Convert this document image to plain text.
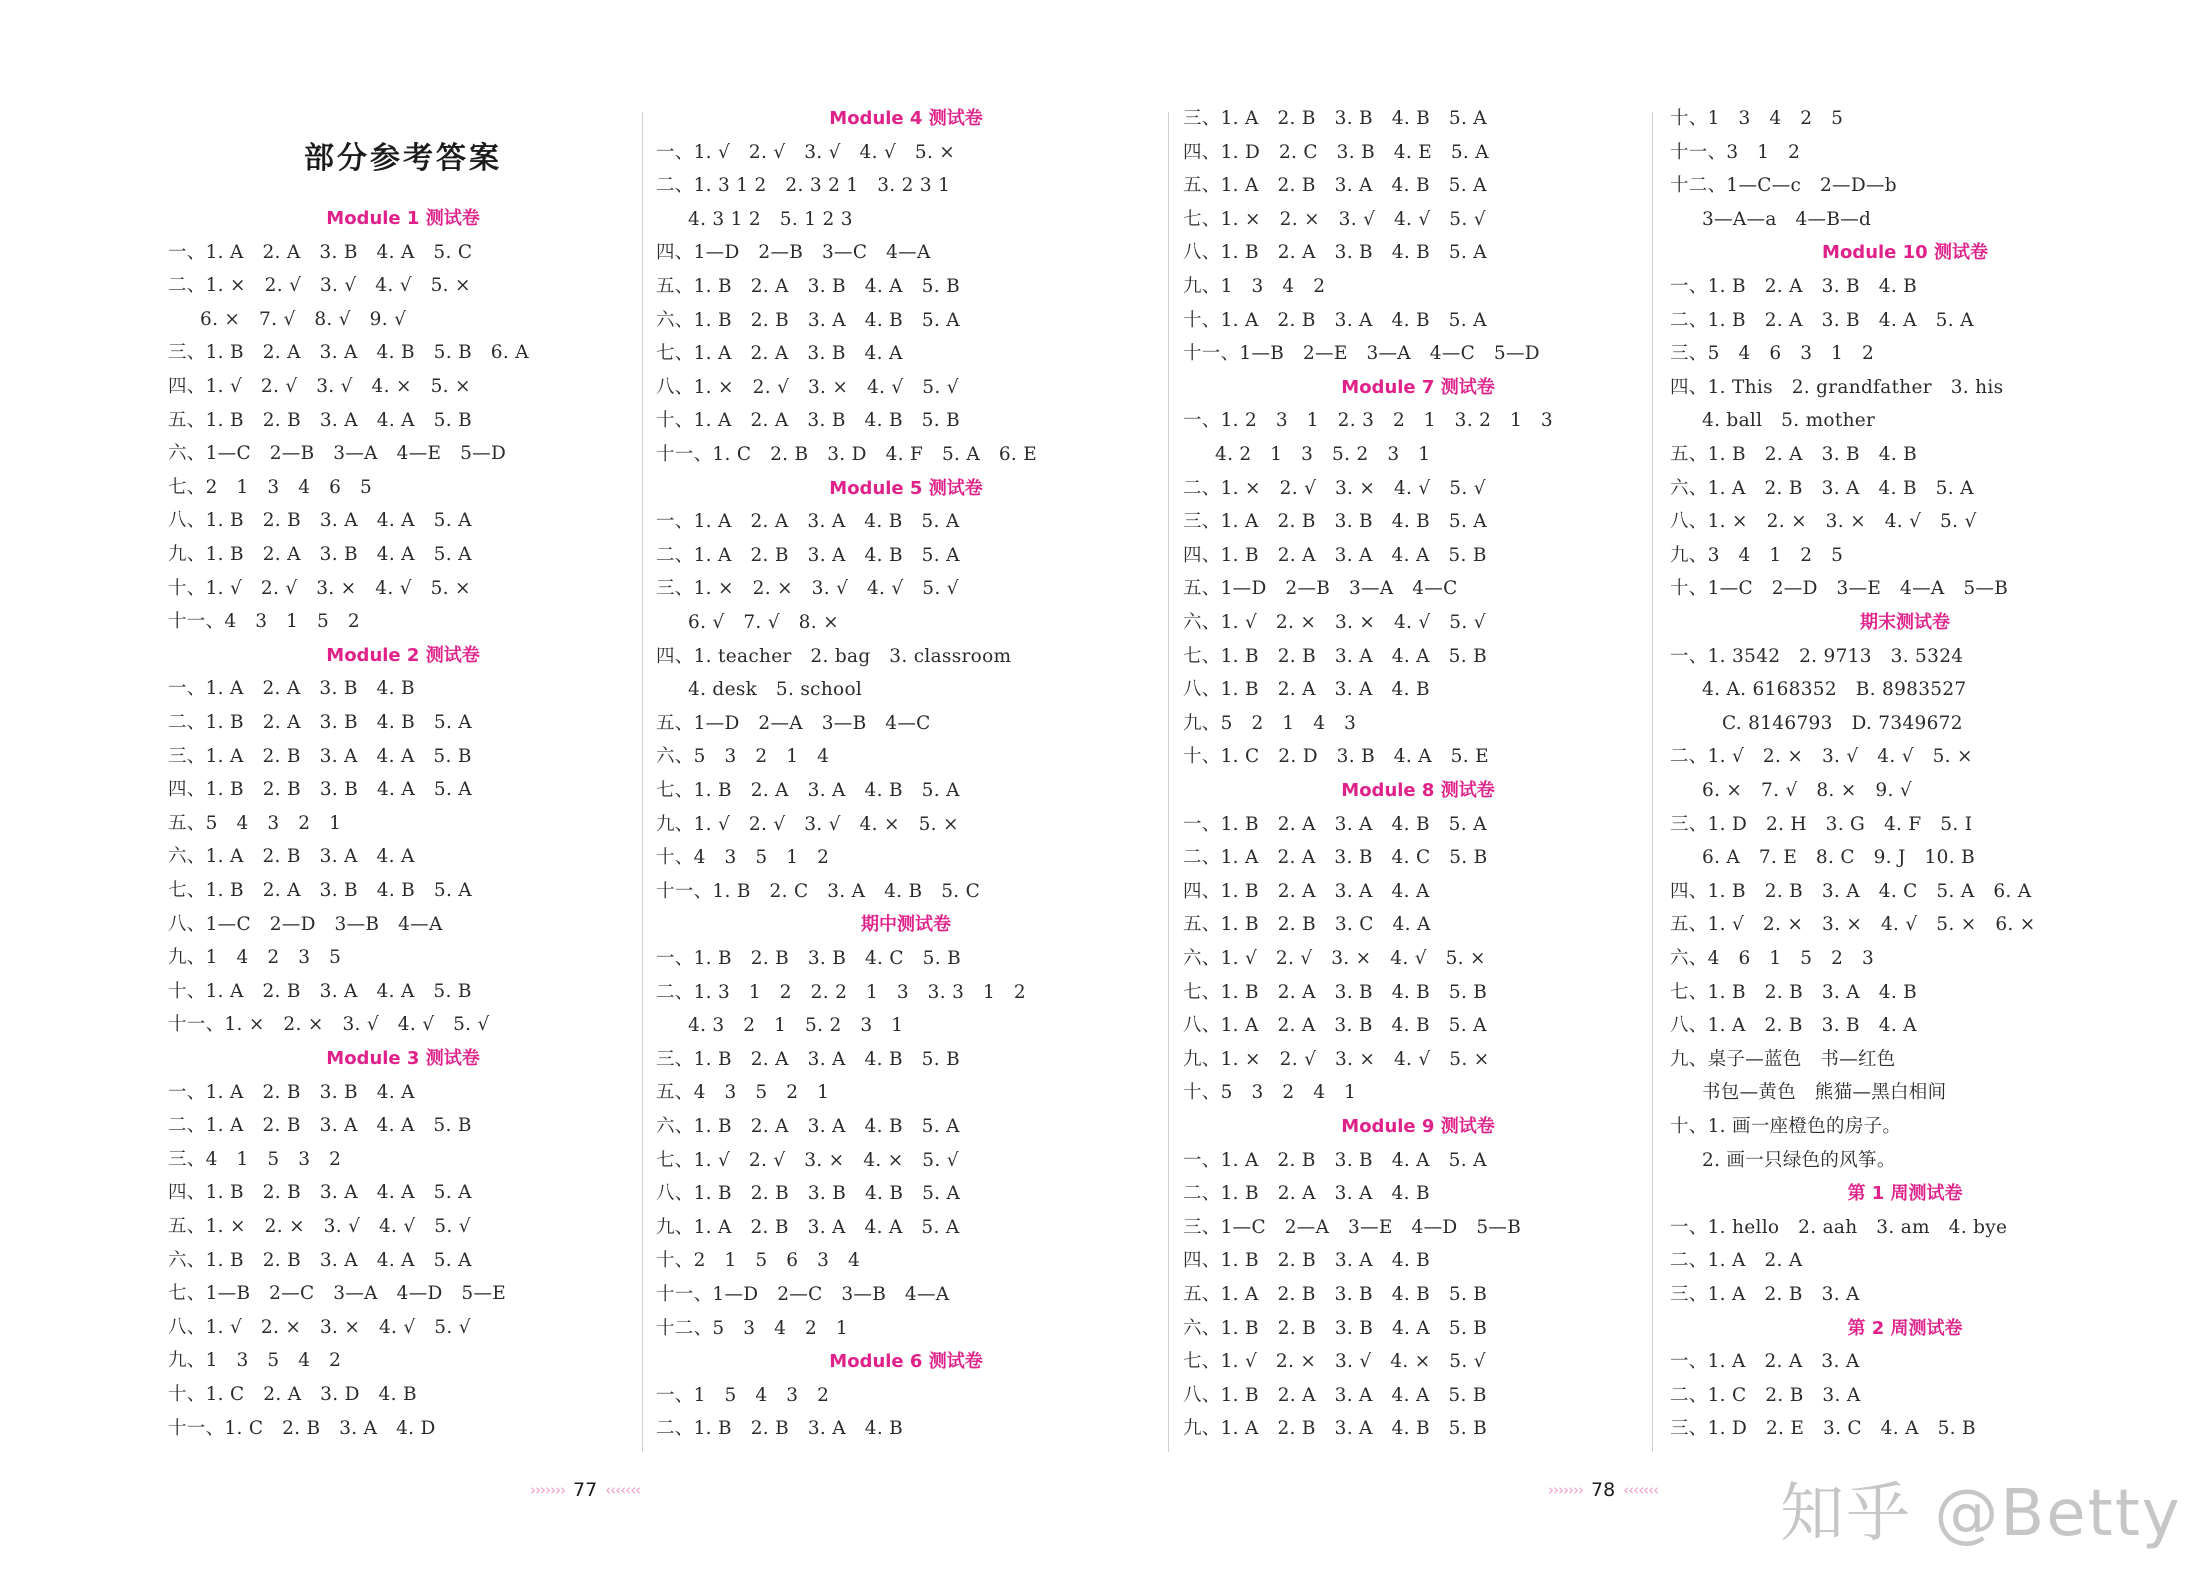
部分参考答案
Module 1 测试卷
一、1. A　2. A　3. B　4. A　5. C
二、1. ×　2. √　3. √　4. √　5. ×
6. ×　7. √　8. √　9. √
三、1. B　2. A　3. A　4. B　5. B　6. A
四、1. √　2. √　3. √　4. ×　5. ×
五、1. B　2. B　3. A　4. A　5. B
六、1—C　2—B　3—A　4—E　5—D
七、2　1　3　4　6　5
八、1. B　2. B　3. A　4. A　5. A
九、1. B　2. A　3. B　4. A　5. A
十、1. √　2. √　3. ×　4. √　5. ×
十一、4　3　1　5　2
Module 2 测试卷
一、1. A　2. A　3. B　4. B
二、1. B　2. A　3. B　4. B　5. A
三、1. A　2. B　3. A　4. A　5. B
四、1. B　2. B　3. B　4. A　5. A
五、5　4　3　2　1
六、1. A　2. B　3. A　4. A
七、1. B　2. A　3. B　4. B　5. A
八、1—C　2—D　3—B　4—A
九、1　4　2　3　5
十、1. A　2. B　3. A　4. A　5. B
十一、1. ×　2. ×　3. √　4. √　5. √
Module 3 测试卷
一、1. A　2. B　3. B　4. A
二、1. A　2. B　3. A　4. A　5. B
三、4　1　5　3　2
四、1. B　2. B　3. A　4. A　5. A
五、1. ×　2. ×　3. √　4. √　5. √
六、1. B　2. B　3. A　4. A　5. A
七、1—B　2—C　3—A　4—D　5—E
八、1. √　2. ×　3. ×　4. √　5. √
九、1　3　5　4　2
十、1. C　2. A　3. D　4. B
十一、1. C　2. B　3. A　4. D
Module 4 测试卷
一、1. √　2. √　3. √　4. √　5. ×
二、1. 3 1 2　2. 3 2 1　3. 2 3 1
4. 3 1 2　5. 1 2 3
四、1—D　2—B　3—C　4—A
五、1. B　2. A　3. B　4. A　5. B
六、1. B　2. B　3. A　4. B　5. A
七、1. A　2. A　3. B　4. A
八、1. ×　2. √　3. ×　4. √　5. √
十、1. A　2. A　3. B　4. B　5. B
十一、1. C　2. B　3. D　4. F　5. A　6. E
Module 5 测试卷
一、1. A　2. A　3. A　4. B　5. A
二、1. A　2. B　3. A　4. B　5. A
三、1. ×　2. ×　3. √　4. √　5. √
6. √　7. √　8. ×
四、1. teacher　2. bag　3. classroom
4. desk　5. school
五、1—D　2—A　3—B　4—C
六、5　3　2　1　4
七、1. B　2. A　3. A　4. B　5. A
九、1. √　2. √　3. √　4. ×　5. ×
十、4　3　5　1　2
十一、1. B　2. C　3. A　4. B　5. C
期中测试卷
一、1. B　2. B　3. B　4. C　5. B
二、1. 3　1　2　2. 2　1　3　3. 3　1　2
4. 3　2　1　5. 2　3　1
三、1. B　2. A　3. A　4. B　5. B
五、4　3　5　2　1
六、1. B　2. A　3. A　4. B　5. A
七、1. √　2. √　3. ×　4. ×　5. √
八、1. B　2. B　3. B　4. B　5. A
九、1. A　2. B　3. A　4. A　5. A
十、2　1　5　6　3　4
十一、1—D　2—C　3—B　4—A
十二、5　3　4　2　1
Module 6 测试卷
一、1　5　4　3　2
二、1. B　2. B　3. A　4. B
三、1. A　2. B　3. B　4. B　5. A
四、1. D　2. C　3. B　4. E　5. A
五、1. A　2. B　3. A　4. B　5. A
七、1. ×　2. ×　3. √　4. √　5. √
八、1. B　2. A　3. B　4. B　5. A
九、1　3　4　2
十、1. A　2. B　3. A　4. B　5. A
十一、1—B　2—E　3—A　4—C　5—D
Module 7 测试卷
一、1. 2　3　1　2. 3　2　1　3. 2　1　3
4. 2　1　3　5. 2　3　1
二、1. ×　2. √　3. ×　4. √　5. √
三、1. A　2. B　3. B　4. B　5. A
四、1. B　2. A　3. A　4. A　5. B
五、1—D　2—B　3—A　4—C
六、1. √　2. ×　3. ×　4. √　5. √
七、1. B　2. B　3. A　4. A　5. B
八、1. B　2. A　3. A　4. B
九、5　2　1　4　3
十、1. C　2. D　3. B　4. A　5. E
Module 8 测试卷
一、1. B　2. A　3. A　4. B　5. A
二、1. A　2. A　3. B　4. C　5. B
四、1. B　2. A　3. A　4. A
五、1. B　2. B　3. C　4. A
六、1. √　2. √　3. ×　4. √　5. ×
七、1. B　2. A　3. B　4. B　5. B
八、1. A　2. A　3. B　4. B　5. A
九、1. ×　2. √　3. ×　4. √　5. ×
十、5　3　2　4　1
Module 9 测试卷
一、1. A　2. B　3. B　4. A　5. A
二、1. B　2. A　3. A　4. B
三、1—C　2—A　3—E　4—D　5—B
四、1. B　2. B　3. A　4. B
五、1. A　2. B　3. B　4. B　5. B
六、1. B　2. B　3. B　4. A　5. B
七、1. √　2. ×　3. √　4. ×　5. √
八、1. B　2. A　3. A　4. A　5. B
九、1. A　2. B　3. A　4. B　5. B
十、1　3　4　2　5
十一、3　1　2
十二、1—C—c　2—D—b
3—A—a　4—B—d
Module 10 测试卷
一、1. B　2. A　3. B　4. B
二、1. B　2. A　3. B　4. A　5. A
三、5　4　6　3　1　2
四、1. This　2. grandfather　3. his
4. ball　5. mother
五、1. B　2. A　3. B　4. B
六、1. A　2. B　3. A　4. B　5. A
八、1. ×　2. ×　3. ×　4. √　5. √
九、3　4　1　2　5
十、1—C　2—D　3—E　4—A　5—B
期末测试卷
一、1. 3542　2. 9713　3. 5324
4. A. 6168352　B. 8983527
C. 8146793　D. 7349672
二、1. √　2. ×　3. √　4. √　5. ×
6. ×　7. √　8. ×　9. √
三、1. D　2. H　3. G　4. F　5. I
6. A　7. E　8. C　9. J　10. B
四、1. B　2. B　3. A　4. C　5. A　6. A
五、1. √　2. ×　3. ×　4. √　5. ×　6. ×
六、4　6　1　5　2　3
七、1. B　2. B　3. A　4. B
八、1. A　2. B　3. B　4. A
九、桌子—蓝色　书—红色
书包—黄色　熊猫—黑白相间
十、1. 画一座橙色的房子。
2. 画一只绿色的风筝。
第 1 周测试卷
一、1. hello　2. aah　3. am　4. bye
二、1. A　2. A
三、1. A　2. B　3. A
第 2 周测试卷
一、1. A　2. A　3. A
二、1. C　2. B　3. A
三、1. D　2. E　3. C　4. A　5. B
››››››› 77 ‹‹‹‹‹‹‹	››››››› 78 ‹‹‹‹‹‹‹ 知乎 @Betty
